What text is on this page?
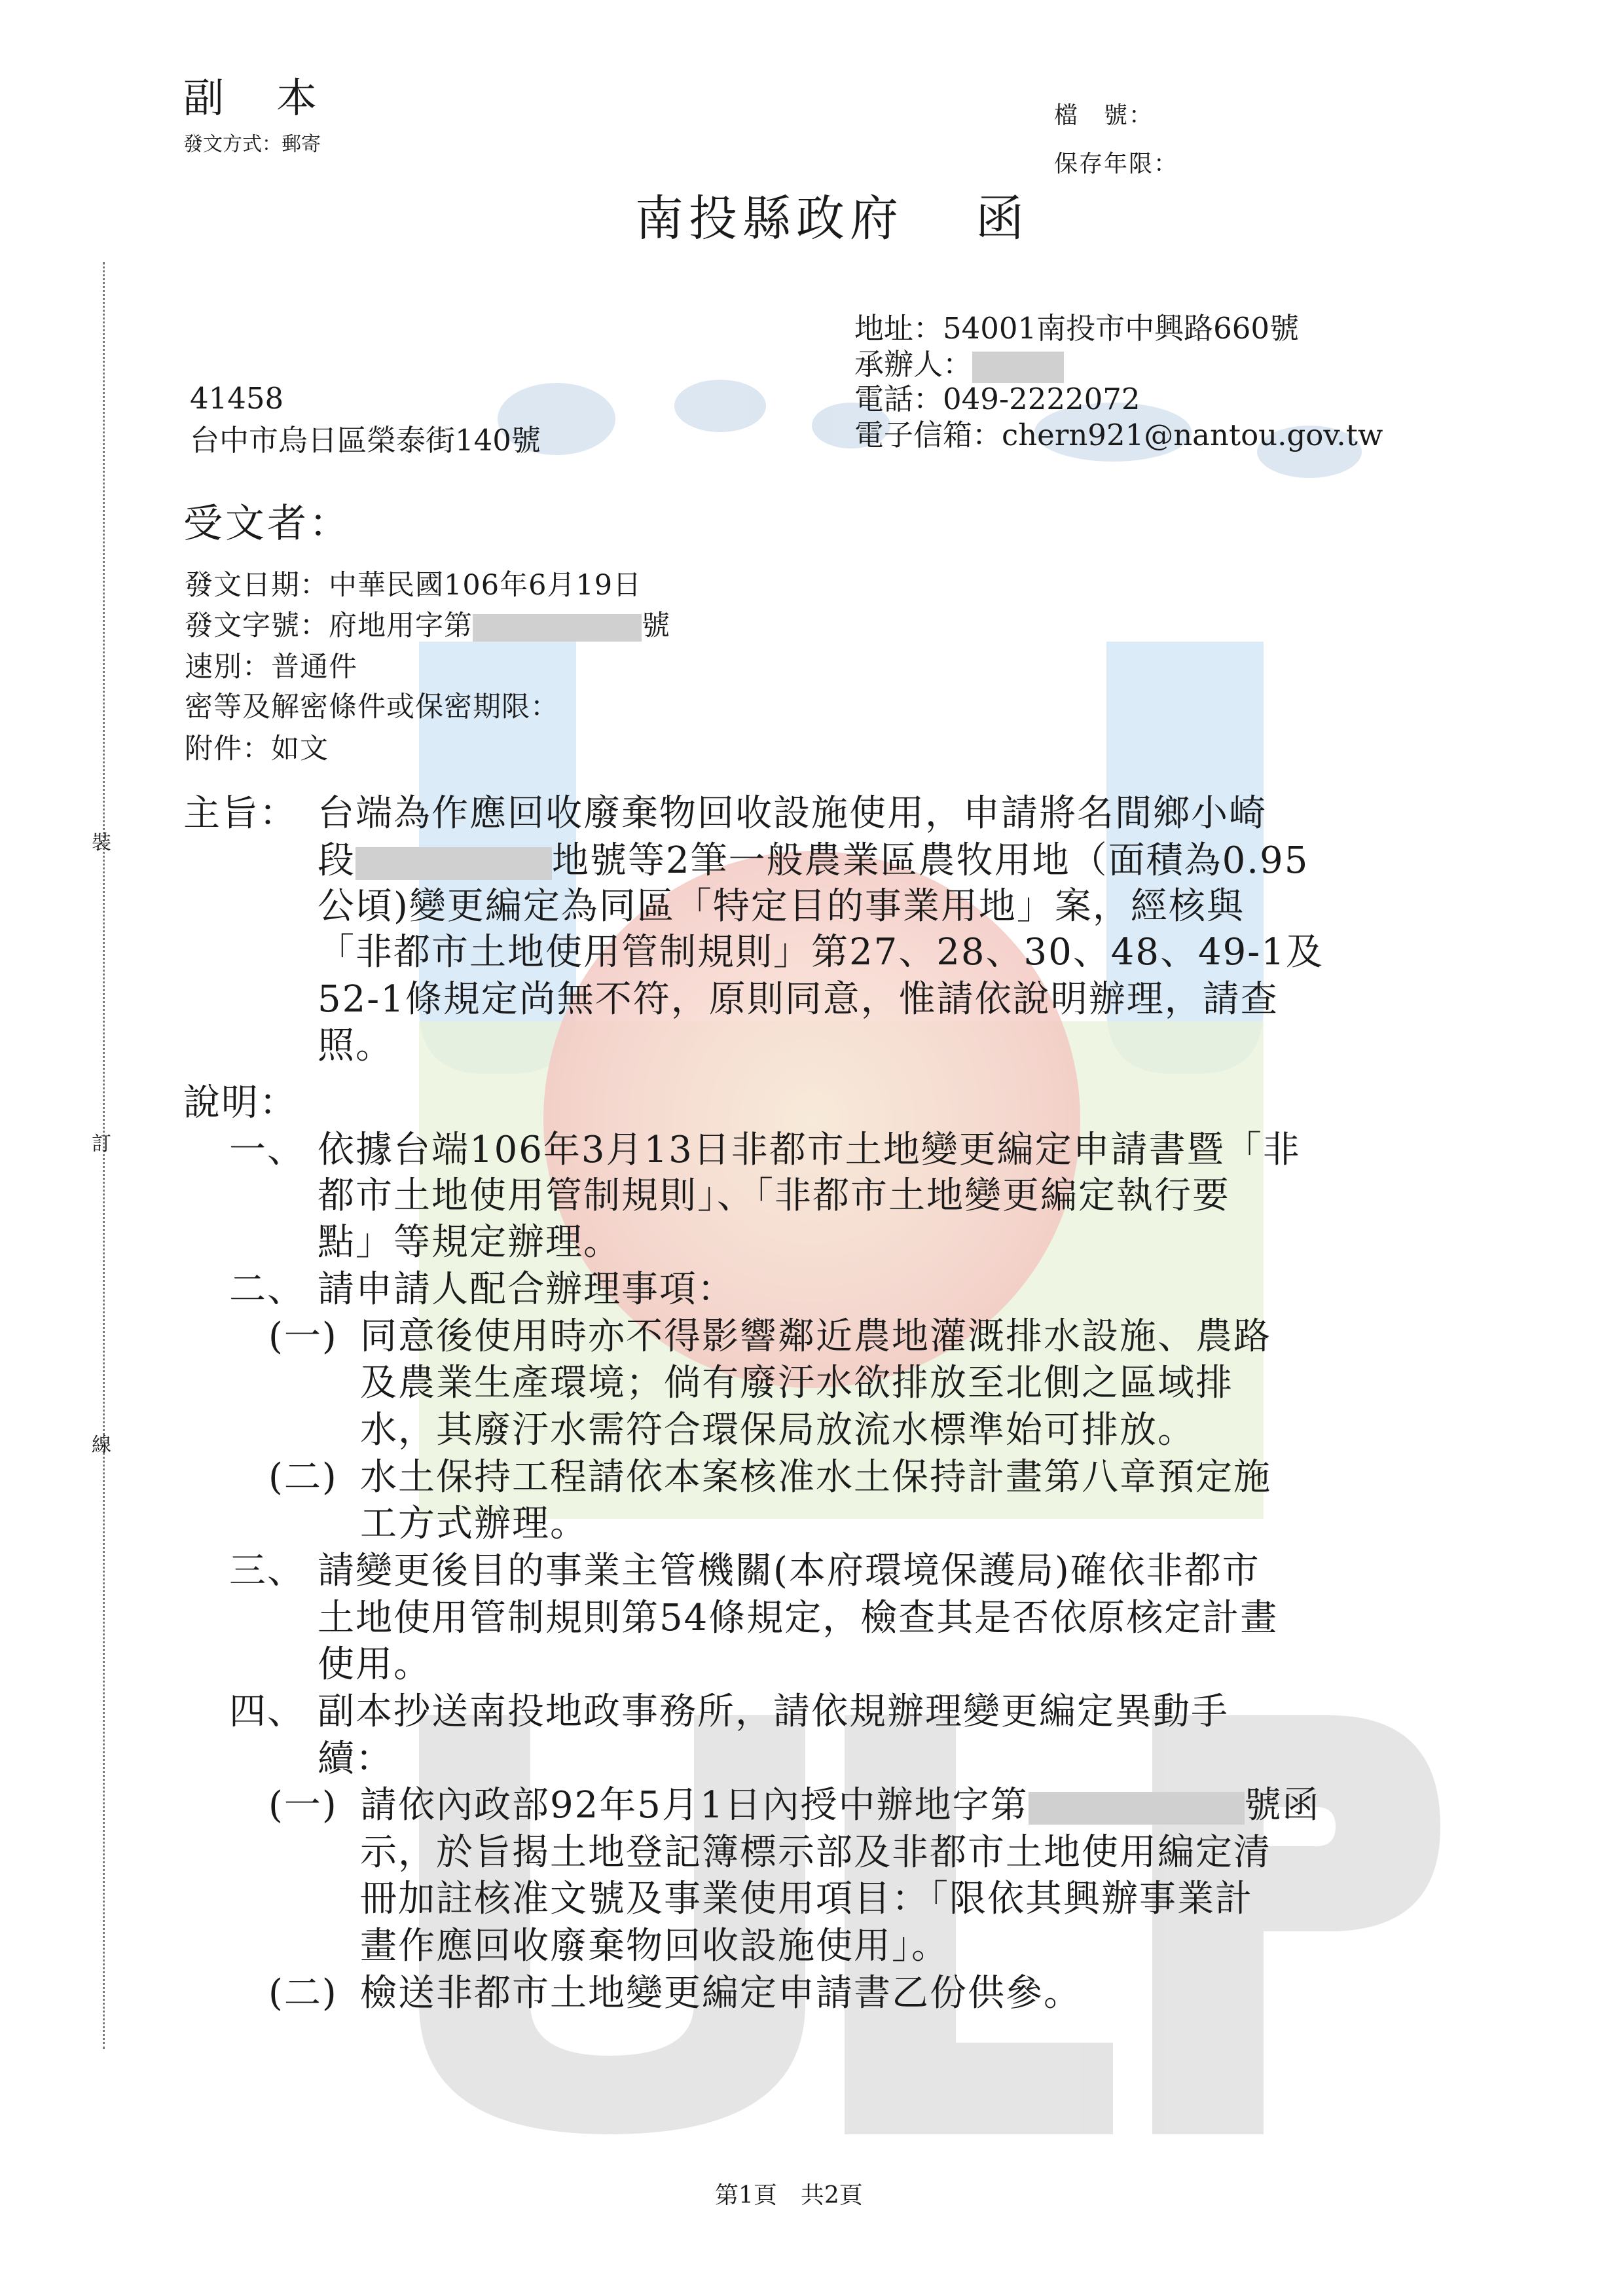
裝
訂
線
副本
發文方式：郵寄
檔　號：
保存年限：
南投縣政府 函
地址：54001南投市中興路660號
承辦人：
電話：049-2222072
電子信箱：chern921@nantou.gov.tw
41458
台中市烏日區榮泰街140號
受文者：
發文日期：中華民國106年6月19日
發文字號：府地用字第	號
速別：普通件
密等及解密條件或保密期限：
附件：如文
主旨： 台端為作應回收廢棄物回收設施使用，申請將名間鄉小崎
段	地號等2筆一般農業區農牧用地（面積為0.95
公頃)變更編定為同區「特定目的事業用地」案，經核與
「非都市土地使用管制規則」第27、28、30、48、49-1及
52-1條規定尚無不符，原則同意，惟請依說明辦理，請查
照。
說明：
一、 依據台端106年3月13日非都市土地變更編定申請書暨「非
都市土地使用管制規則」、「非都市土地變更編定執行要
點」等規定辦理。
二、 請申請人配合辦理事項：
(一) 同意後使用時亦不得影響鄰近農地灌溉排水設施、農路
及農業生產環境；倘有廢汙水欲排放至北側之區域排
水，其廢汙水需符合環保局放流水標準始可排放。
(二) 水土保持工程請依本案核准水土保持計畫第八章預定施
工方式辦理。
三、 請變更後目的事業主管機關(本府環境保護局)確依非都市
土地使用管制規則第54條規定，檢查其是否依原核定計畫
使用。
四、 副本抄送南投地政事務所，請依規辦理變更編定異動手
續：
(一) 請依內政部92年5月1日內授中辦地字第	號函
示，於旨揭土地登記簿標示部及非都市土地使用編定清
冊加註核准文號及事業使用項目：「限依其興辦事業計
畫作應回收廢棄物回收設施使用」。
(二) 檢送非都市土地變更編定申請書乙份供參。
第1頁　共2頁
